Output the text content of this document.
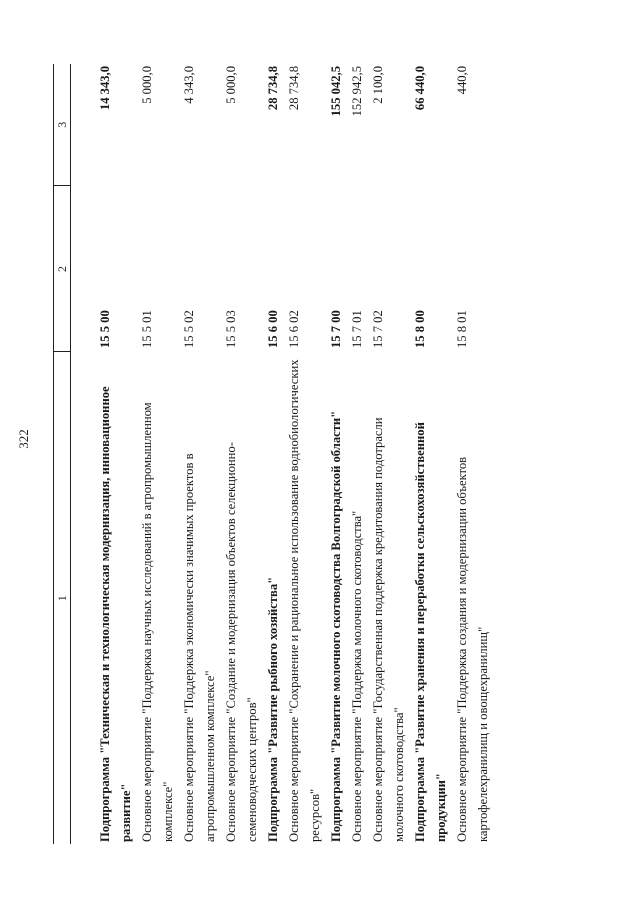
322
1	2	3

Подпрограмма "Техническая и технологическая модернизация, инновационное развитие"	15 5 00	14 343,0
Основное мероприятие "Поддержка научных исследований в агропромышленном комплексе"	15 5 01	5 000,0
Основное мероприятие "Поддержка экономически значимых проектов в агропромышленном комплексе"	15 5 02	4 343,0
Основное мероприятие "Создание и модернизация объектов селекционно-семеноводческих центров"	15 5 03	5 000,0
Подпрограмма "Развитие рыбного хозяйства"	15 6 00	28 734,8
Основное мероприятие "Сохранение и рациональное использование воднобиологических ресурсов"	15 6 02	28 734,8
Подпрограмма "Развитие молочного скотоводства Волгоградской области"	15 7 00	155 042,5
Основное мероприятие "Поддержка молочного скотоводства"	15 7 01	152 942,5
Основное мероприятие "Государственная поддержка кредитования подотрасли молочного скотоводства"	15 7 02	2 100,0
Подпрограмма "Развитие хранения и переработки сельскохозяйственной продукции"	15 8 00	66 440,0
Основное мероприятие "Поддержка создания и модернизации объектов картофелехранилищ и овощехранилищ"	15 8 01	440,0
